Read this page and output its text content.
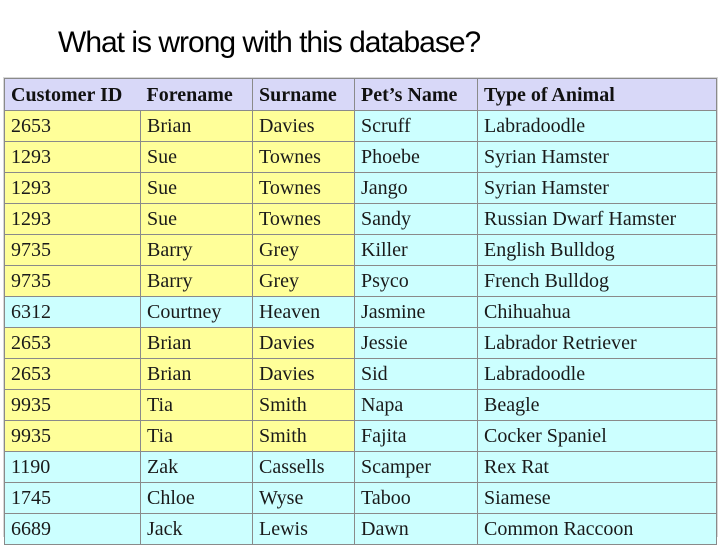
What is wrong with this database?
Customer ID	Forename	Surname	Pet’s Name	Type of Animal
2653	Brian	Davies	Scruff	Labradoodle
1293	Sue	Townes	Phoebe	Syrian Hamster
1293	Sue	Townes	Jango	Syrian Hamster
1293	Sue	Townes	Sandy	Russian Dwarf Hamster
9735	Barry	Grey	Killer	English Bulldog
9735	Barry	Grey	Psyco	French Bulldog
6312	Courtney	Heaven	Jasmine	Chihuahua
2653	Brian	Davies	Jessie	Labrador Retriever
2653	Brian	Davies	Sid	Labradoodle
9935	Tia	Smith	Napa	Beagle
9935	Tia	Smith	Fajita	Cocker Spaniel
1190	Zak	Cassells	Scamper	Rex Rat
1745	Chloe	Wyse	Taboo	Siamese
6689	Jack	Lewis	Dawn	Common Raccoon
